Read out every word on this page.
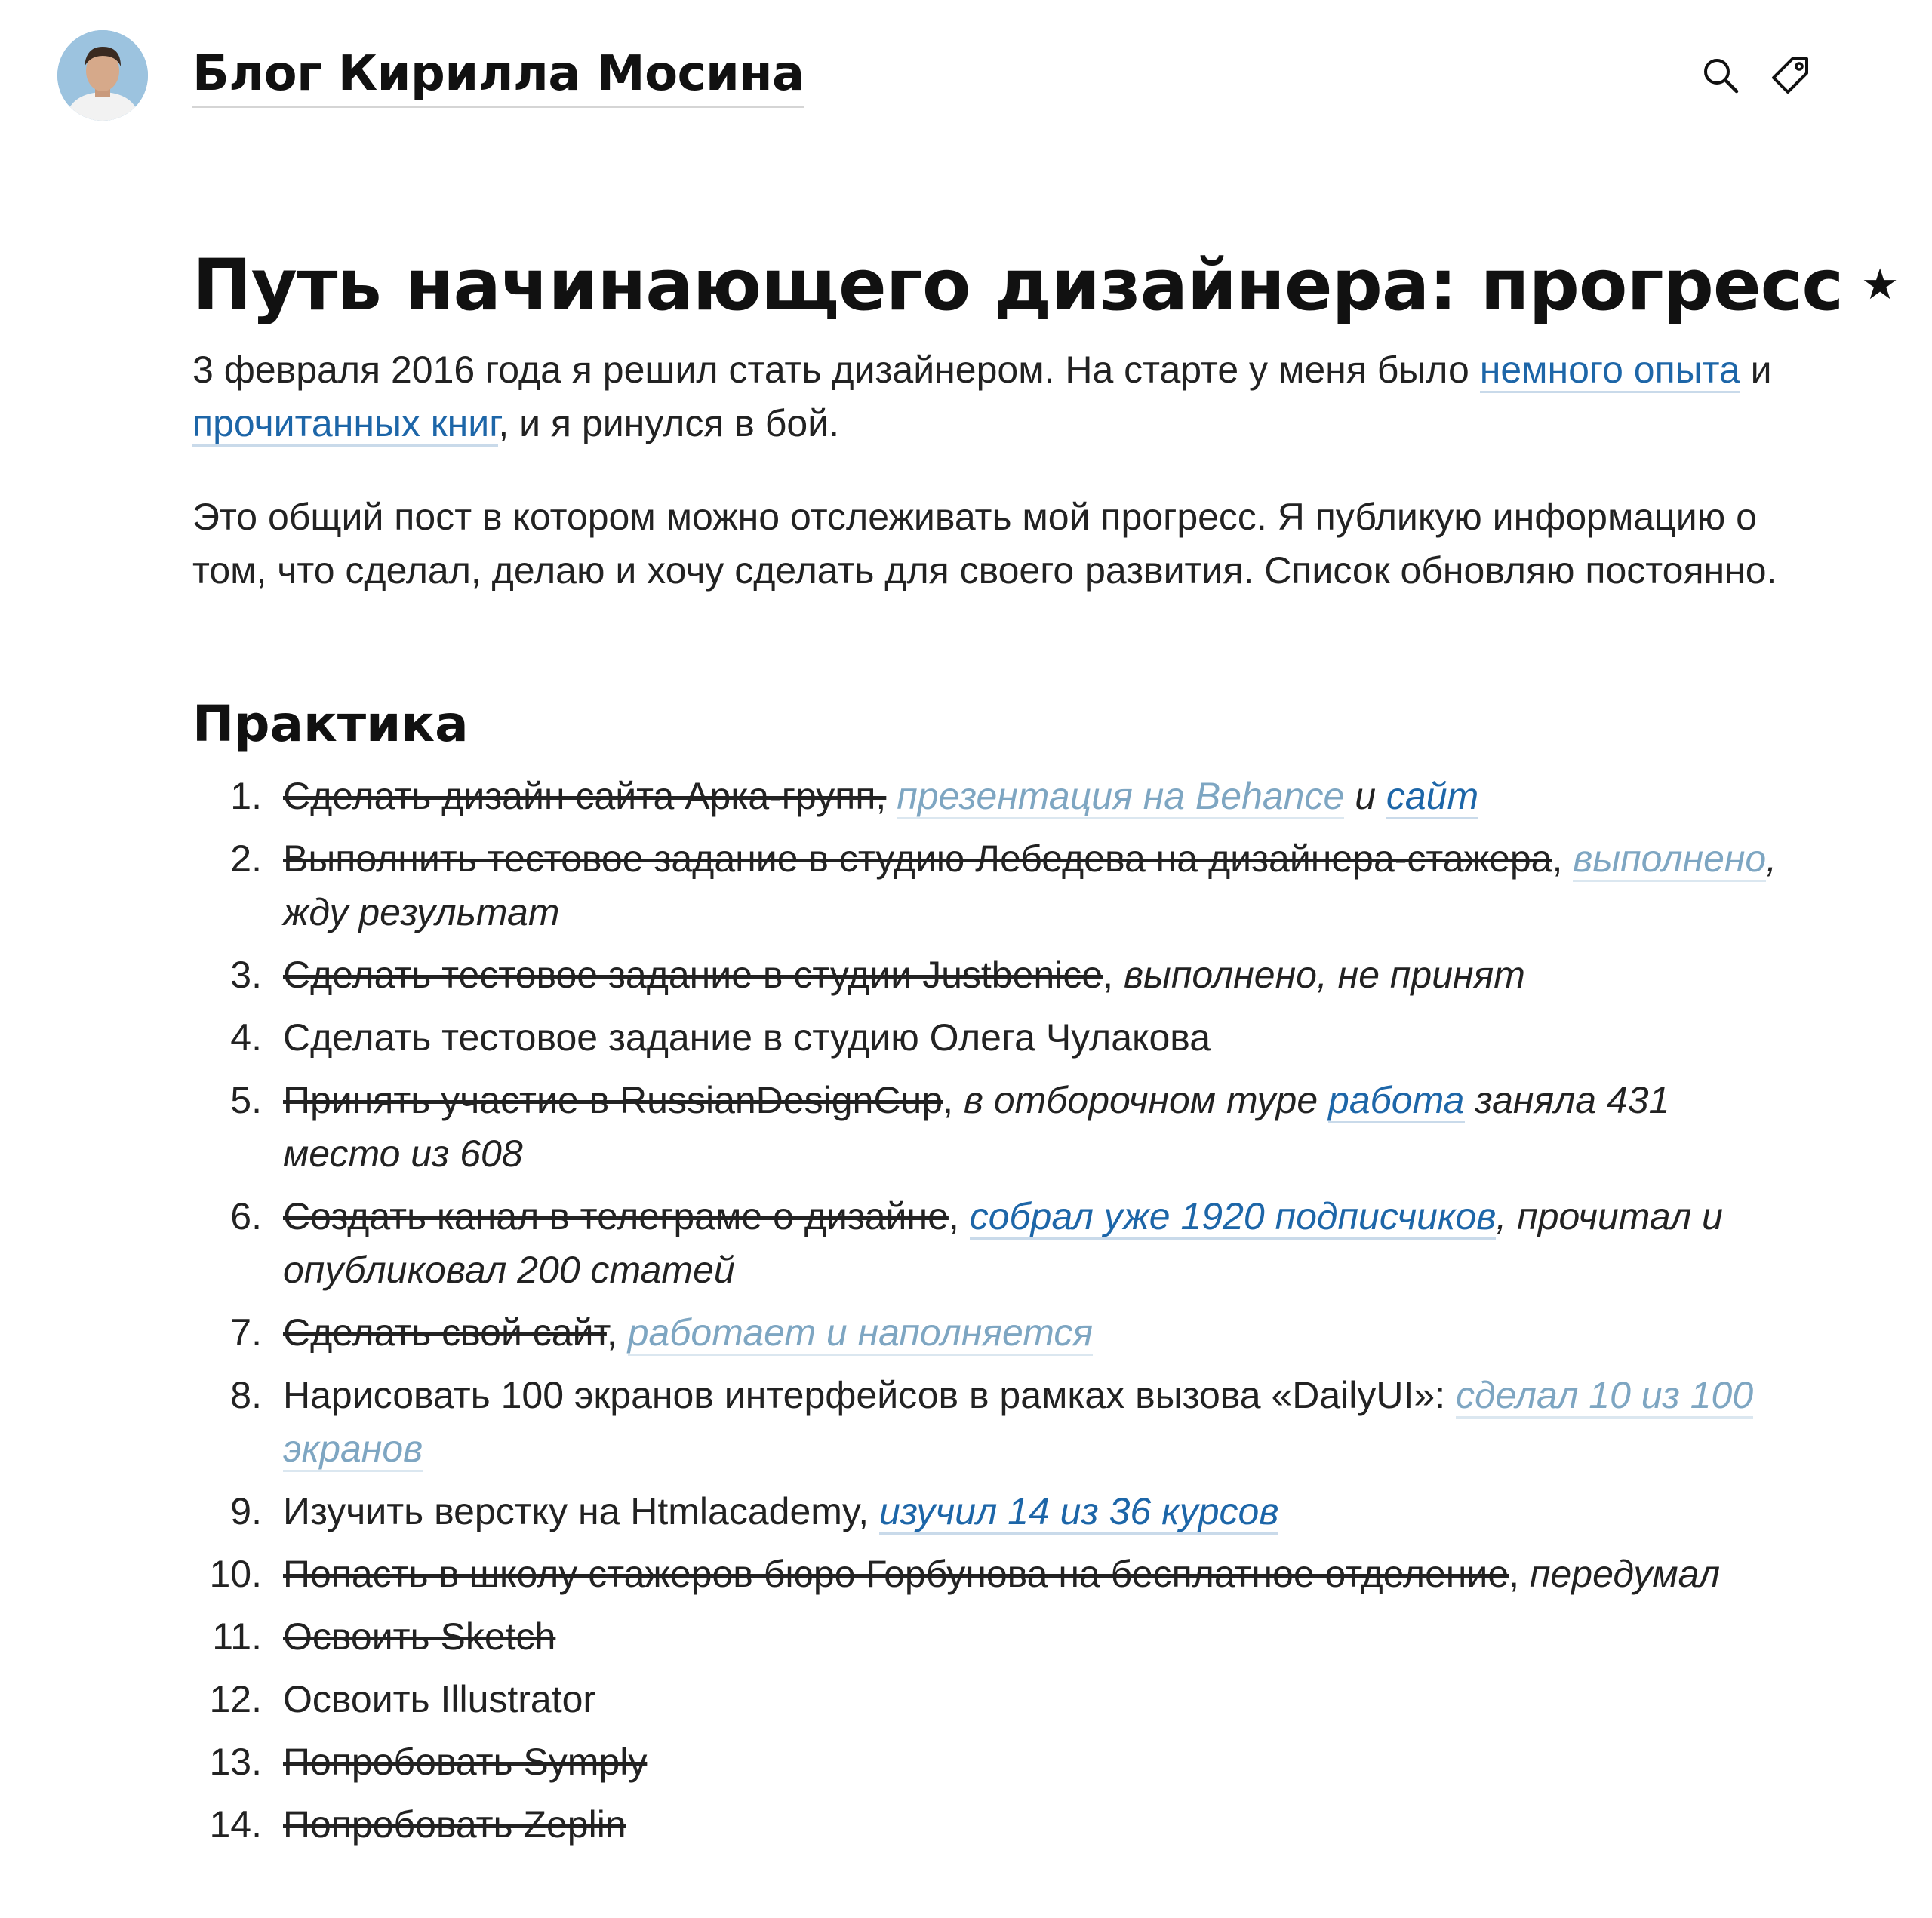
Блог Кирилла Мосина
Путь начинающего дизайнера: прогресс ★

3 февраля 2016 года я решил стать дизайнером. На старте у меня было немного опыта и прочитанных книг, и я ринулся в бой.

Это общий пост в котором можно отслеживать мой прогресс. Я публикую информацию о том, что сделал, делаю и хочу сделать для своего развития. Список обновляю постоянно.

Практика
1. Сделать дизайн сайта Арка-групп, презентация на Behance и сайт
2. Выполнить тестовое задание в студию Лебедева на дизайнера-стажера, выполнено, жду результат
3. Сделать тестовое задание в студии Justbenice, выполнено, не принят
4. Сделать тестовое задание в студию Олега Чулакова
5. Принять участие в RussianDesignCup, в отборочном туре работа заняла 431 место из 608
6. Создать канал в телеграме о дизайне, собрал уже 1920 подписчиков, прочитал и опубликовал 200 статей
7. Сделать свой сайт, работает и наполняется
8. Нарисовать 100 экранов интерфейсов в рамках вызова «DailyUI»: сделал 10 из 100 экранов
9. Изучить верстку на Htmlacademy, изучил 14 из 36 курсов
10. Попасть в школу стажеров бюро Горбунова на бесплатное отделение, передумал
11. Освоить Sketch
12. Освоить Illustrator
13. Попробовать Symply
14. Попробовать Zeplin
